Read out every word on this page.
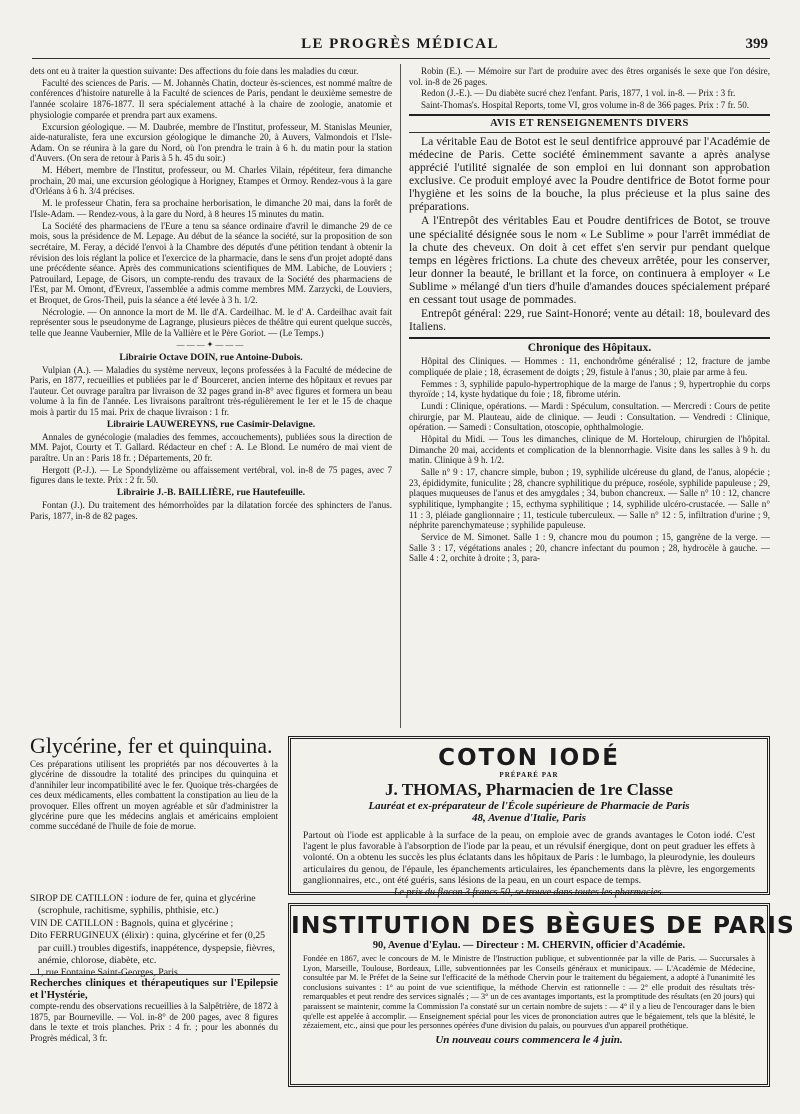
LE PROGRÈS MÉDICAL	399

dets ont eu à traiter la question suivante: Des affections du foie dans les maladies du cœur.

Faculté des sciences de Paris. — M. Johannès Chatin, docteur ès-sciences, est nommé maître de conférences d'histoire naturelle à la Faculté de sciences de Paris, pendant le deuxième semestre de l'année scolaire 1876-1877. Il sera spécialement attaché à la chaire de zoologie, anatomie et physiologie comparée et prendra part aux examens.

Excursion géologique. — M. Daubrée, membre de l'Institut, professeur, M. Stanislas Meunier, aide-naturaliste, fera une excursion géologique le dimanche 20, à Auvers, Valmondois et l'Isle-Adam. On se réunira à la gare du Nord, où l'on prendra le train à 6 h. du matin pour la station d'Auvers. (On sera de retour à Paris à 5 h. 45 du soir.)

M. Hébert, membre de l'Institut, professeur, ou M. Charles Vilain, répétiteur, fera dimanche prochain, 20 mai, une excursion géologique à Horigney, Etampes et Ormoy. Rendez-vous à la gare d'Orléans à 6 h. 3/4 précises.

M. le professeur Chatin, fera sa prochaine herborisation, le dimanche 20 mai, dans la forêt de l'Isle-Adam. — Rendez-vous, à la gare du Nord, à 8 heures 15 minutes du matin.

La Société des pharmaciens de l'Eure a tenu sa séance ordinaire d'avril le dimanche 29 de ce mois, sous la présidence de M. Lepage. Au début de la séance la société, sur la proposition de son secrétaire, M. Feray, a décidé l'envoi à la Chambre des députés d'une pétition tendant à obtenir la révision des lois réglant la police et l'exercice de la pharmacie, dans le sens d'un projet adopté dans une précédente séance. Après des communications scientifiques de MM. Labiche, de Louviers ; Patrouilard, Lepage, de Gisors, un compte-rendu des travaux de la Société des pharmaciens de l'Est, par M. Omont, d'Evreux, l'assemblée a admis comme membres MM. Zarzycki, de Louviers, et Broquet, de Gros-Theil, puis la séance a été levée à 3 h. 1/2.

Nécrologie. — On annonce la mort de M. lle d'A. Cardeilhac. M. le d' A. Cardeilhac avait fait représenter sous le pseudonyme de Lagrange, plusieurs pièces de théâtre qui eurent quelque succès, telle que Jeanne Vaubernier, Mlle de la Vallière et le Père Goriot. — (Le Temps.)

———✦———
Librairie Octave DOIN, rue Antoine-Dubois.

Vulpian (A.). — Maladies du système nerveux, leçons professées à la Faculté de médecine de Paris, en 1877, recueillies et publiées par le d' Bourceret, ancien interne des hôpitaux et revues par l'auteur. Cet ouvrage paraîtra par livraison de 32 pages grand in-8° avec figures et formera un beau volume à la fin de l'année. Les livraisons paraîtront très-régulièrement le 1er et le 15 de chaque mois à partir du 15 mai. Prix de chaque livraison : 1 fr.

Librairie LAUWEREYNS, rue Casimir-Delavigne.

Annales de gynécologie (maladies des femmes, accouchements), publiées sous la direction de MM. Pajot, Courty et T. Gallard. Rédacteur en chef : A. Le Blond. Le numéro de mai vient de paraître. Un an : Paris 18 fr. ; Départements, 20 fr.

Hergott (P.-J.). — Le Spondylizème ou affaissement vertébral, vol. in-8 de 75 pages, avec 7 figures dans le texte. Prix : 2 fr. 50.

Librairie J.-B. BAILLIÈRE, rue Hautefeuille.

Fontan (J.). Du traitement des hémorrhoïdes par la dilatation forcée des sphincters de l'anus. Paris, 1877, in-8 de 82 pages.

Robin (E.). — Mémoire sur l'art de produire avec des êtres organisés le sexe que l'on désire, vol. in-8 de 26 pages.

Redon (J.-E.). — Du diabète sucré chez l'enfant. Paris, 1877, 1 vol. in-8. — Prix : 3 fr.

Saint-Thomas's. Hospital Reports, tome VI, gros volume in-8 de 366 pages. Prix : 7 fr. 50.

AVIS ET RENSEIGNEMENTS DIVERS

La véritable Eau de Botot est le seul dentifrice approuvé par l'Académie de médecine de Paris. Cette société éminemment savante a après analyse apprécié l'utilité signalée de son emploi en lui donnant son approbation exclusive. Ce produit employé avec la Poudre dentifrice de Botot forme pour l'hygiène et les soins de la bouche, la plus précieuse et la plus saine des préparations.

A l'Entrepôt des véritables Eau et Poudre dentifrices de Botot, se trouve une spécialité désignée sous le nom « Le Sublime » pour l'arrêt immédiat de la chute des cheveux. On doit à cet effet s'en servir pur pendant quelque temps en légères frictions. La chute des cheveux arrêtée, pour les conserver, leur donner la beauté, le brillant et la force, on continuera à employer « Le Sublime » mélangé d'un tiers d'huile d'amandes douces spécialement préparé en cessant tout usage de pommades.

Entrepôt général: 229, rue Saint-Honoré; vente au détail: 18, boulevard des Italiens.

Chronique des Hôpitaux.

Hôpital des Cliniques. — Hommes : 11, enchondrôme généralisé ; 12, fracture de jambe compliquée de plaie ; 18, écrasement de doigts ; 29, fistule à l'anus ; 30, plaie par arme à feu.

Femmes : 3, syphilide papulo-hypertrophique de la marge de l'anus ; 9, hypertrophie du corps thyroïde ; 14, kyste hydatique du foie ; 18, fibrome utérin.

Lundi : Clinique, opérations. — Mardi : Spéculum, consultation. — Mercredi : Cours de petite chirurgie, par M. Plauteau, aide de clinique. — Jeudi : Consultation. — Vendredi : Clinique, opération. — Samedi : Consultation, otoscopie, ophthalmologie.

Hôpital du Midi. — Tous les dimanches, clinique de M. Horteloup, chirurgien de l'hôpital. Dimanche 20 mai, accidents et complication de la blennorrhagie. Visite dans les salles à 9 h. du matin. Clinique à 9 h. 1/2.

Salle n° 9 : 17, chancre simple, bubon ; 19, syphilide ulcéreuse du gland, de l'anus, alopécie ; 23, épididymite, funiculite ; 28, chancre syphilitique du prépuce, roséole, syphilide papuleuse ; 29, plaques muqueuses de l'anus et des amygdales ; 34, bubon chancreux. — Salle n° 10 : 12, chancre syphilitique, lymphangite ; 15, ecthyma syphilitique ; 14, syphilide ulcéro-crustacée. — Salle n° 11 : 3, pléiade ganglionnaire ; 11, testicule tuberculeux. — Salle n° 12 : 5, infiltration d'urine ; 9, néphrite parenchymateuse ; syphilide papuleuse.

Service de M. Simonet. Salle 1 : 9, chancre mou du poumon ; 15, gangrène de la verge. — Salle 3 : 17, végétations anales ; 20, chancre infectant du poumon ; 28, hydrocèle à gauche. — Salle 4 : 2, orchite à droite ; 3, para-

Glycérine, fer et quinquina.

Ces préparations utilisent les propriétés par nos découvertes à la glycérine de dissoudre la totalité des principes du quinquina et d'annihiler leur incompatibilité avec le fer. Quoique très-chargées de ces deux médicaments, elles combattent la constipation au lieu de la provoquer. Elles offrent un moyen agréable et sûr d'administrer la glycérine pure que les médecins anglais et américains emploient comme succédané de l'huile de foie de morue.

SIROP DE CATILLON : iodure de fer, quina et glycérine (scrophule, rachitisme, syphilis, phthisie, etc.)
VIN DE CATILLON : Bagnols, quina et glycérine ;
Dito FERRUGINEUX (élixir) : quina, glycérine et fer (0,25 par cuill.) troubles digestifs, inappétence, dyspepsie, fièvres, anémie, chlorose, diabète, etc.
1, rue Fontaine Saint-Georges, Paris.
Recherches cliniques et thérapeutiques sur l'Epilepsie et l'Hystérie,
compte-rendu des observations recueillies à la Salpêtrière, de 1872 à 1875, par Bourneville. — Vol. in-8° de 200 pages, avec 8 figures dans le texte et trois planches. Prix : 4 fr. ; pour les abonnés du Progrès médical, 3 fr.
COTON IODÉ
PRÉPARÉ PAR
J. THOMAS, Pharmacien de 1re Classe
Lauréat et ex-préparateur de l'École supérieure de Pharmacie de Paris
48, Avenue d'Italie, Paris
Partout où l'iode est applicable à la surface de la peau, on emploie avec de grands avantages le Coton iodé. C'est l'agent le plus favorable à l'absorption de l'iode par la peau, et un révulsif énergique, dont on peut graduer les effets à volonté. On a obtenu les succès les plus éclatants dans les hôpitaux de Paris : le lumbago, la pleurodynie, les douleurs articulaires du genou, de l'épaule, les épanchements articulaires, les épanchements dans la plèvre, les engorgements ganglionnaires, etc., ont été guéris, sans lésions de la peau, en un court espace de temps.
Le prix du flacon 3 francs 50, se trouve dans toutes les pharmacies.
INSTITUTION DES BÈGUES DE PARIS
90, Avenue d'Eylau. — Directeur : M. CHERVIN, officier d'Académie.
Fondée en 1867, avec le concours de M. le Ministre de l'Instruction publique, et subventionnée par la ville de Paris. — Succursales à Lyon, Marseille, Toulouse, Bordeaux, Lille, subventionnées par les Conseils généraux et municipaux. — L'Académie de Médecine, consultée par M. le Préfet de la Seine sur l'efficacité de la méthode Chervin pour le traitement du bégaiement, a adopté à l'unanimité les conclusions suivantes : 1° au point de vue scientifique, la méthode Chervin est rationnelle : — 2° elle produit des résultats très-remarquables et peut rendre des services signalés ; — 3° un de ces avantages importants, est la promptitude des résultats (en 20 jours) qui paraissent se maintenir, comme la Commission l'a constaté sur un certain nombre de sujets : — 4° il y a lieu de l'encourager dans le bien qu'elle est appelée à accomplir. — Enseignement spécial pour les vices de prononciation autres que le bégaiement, tels que la blésité, le zézaiement, etc., ainsi que pour les personnes opérées d'une division du palais, ou pourvues d'un appareil prothétique.
Un nouveau cours commencera le 4 juin.
